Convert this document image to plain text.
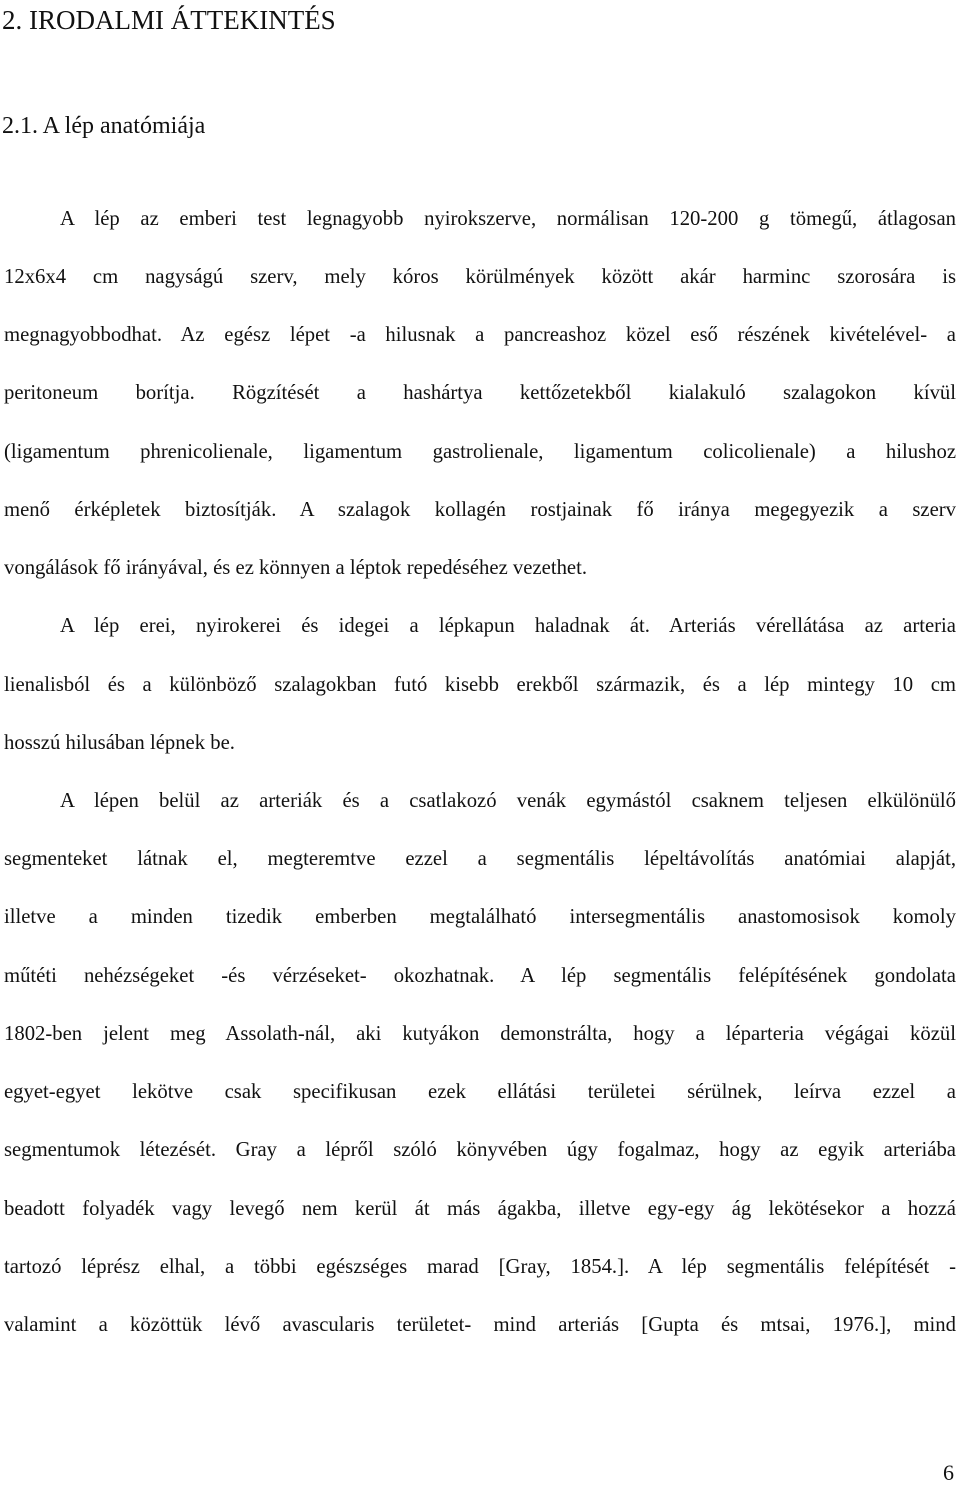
2. IRODALMI ÁTTEKINTÉS
2.1. A lép anatómiája
A lép az emberi test legnagyobb nyirokszerve, normálisan 120-200 g tömegű, átlagosan
12x6x4 cm nagyságú szerv, mely kóros körülmények között akár harminc szorosára is
megnagyobbodhat. Az egész lépet -a hilusnak a pancreashoz közel eső részének kivételével- a
peritoneum borítja. Rögzítését a hashártya kettőzetekből kialakuló szalagokon kívül
(ligamentum phrenicolienale, ligamentum gastrolienale, ligamentum colicolienale) a hilushoz
menő érképletek biztosítják. A szalagok kollagén rostjainak fő iránya megegyezik a szerv
vongálások fő irányával, és ez könnyen a léptok repedéséhez vezethet.
A lép erei, nyirokerei és idegei a lépkapun haladnak át. Arteriás vérellátása az arteria
lienalisból és a különböző szalagokban futó kisebb erekből származik, és a lép mintegy 10 cm
hosszú hilusában lépnek be.
A lépen belül az arteriák és a csatlakozó venák egymástól csaknem teljesen elkülönülő
segmenteket látnak el, megteremtve ezzel a segmentális lépeltávolítás anatómiai alapját,
illetve a minden tizedik emberben megtalálható intersegmentális anastomosisok komoly
műtéti nehézségeket -és vérzéseket- okozhatnak. A lép segmentális felépítésének gondolata
1802-ben jelent meg Assolath-nál, aki kutyákon demonstrálta, hogy a léparteria végágai közül
egyet-egyet lekötve csak specifikusan ezek ellátási területei sérülnek, leírva ezzel a
segmentumok létezését. Gray a lépről szóló könyvében úgy fogalmaz, hogy az egyik arteriába
beadott folyadék vagy levegő nem kerül át más ágakba, illetve egy-egy ág lekötésekor a hozzá
tartozó léprész elhal, a többi egészséges marad [Gray, 1854.]. A lép segmentális felépítését -
valamint a közöttük lévő avascularis területet- mind arteriás [Gupta és mtsai, 1976.], mind
6
